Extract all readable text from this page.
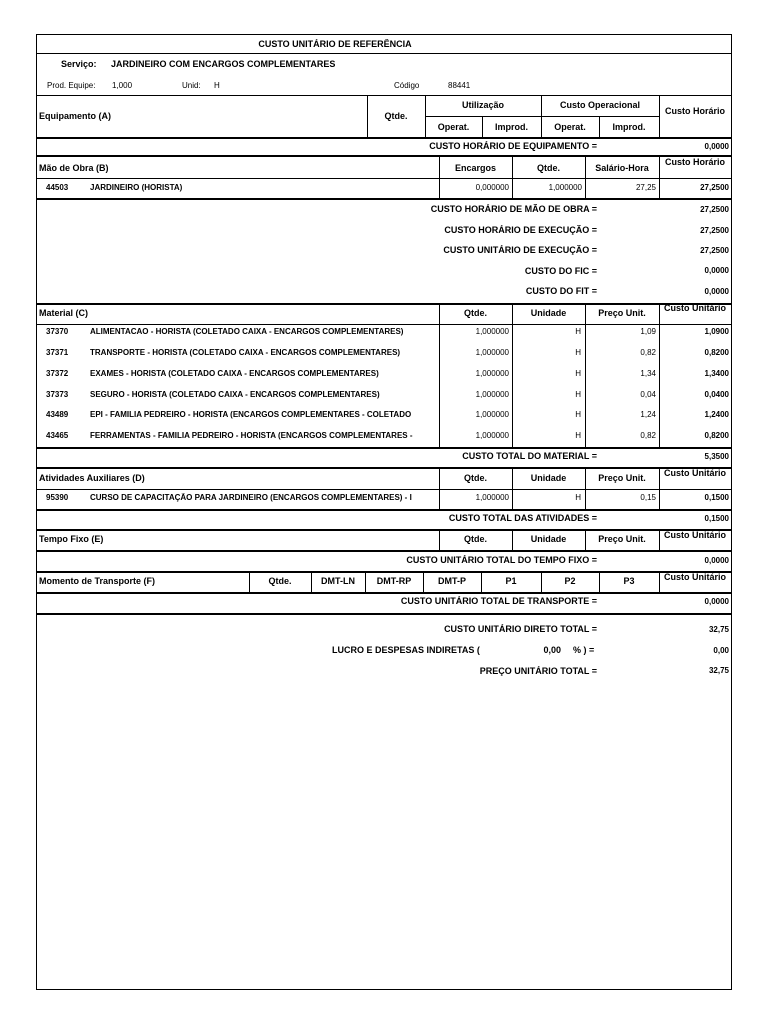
CUSTO UNITÁRIO DE REFERÊNCIA
Serviço: JARDINEIRO COM ENCARGOS COMPLEMENTARES
Prod. Equipe: 1,000	Unid: H	Código	88441
Equipamento (A)	Qtde.
Utilização	Custo Operacional
Operat.	Improd.	Operat.	Improd.
Custo Horário
CUSTO HORÁRIO DE EQUIPAMENTO =	0,0000
Mão de Obra (B)	Encargos	Qtde.	Salário-Hora
Custo Horário
44503	JARDINEIRO (HORISTA)	0,000000	1,000000	27,25	27,2500
CUSTO HORÁRIO DE MÃO DE OBRA =	27,2500
CUSTO HORÁRIO DE EXECUÇÃO =	27,2500
CUSTO UNITÁRIO DE EXECUÇÃO =	27,2500
CUSTO DO FIC =	0,0000
CUSTO DO FIT =	0,0000
Material (C)	Qtde.	Unidade	Preço Unit.	Custo Unitário
37370	ALIMENTACAO - HORISTA (COLETADO CAIXA - ENCARGOS COMPLEMENTARES)	1,000000	H	1,09	1,0900
37371	TRANSPORTE - HORISTA (COLETADO CAIXA - ENCARGOS COMPLEMENTARES)	1,000000	H	0,82	0,8200
37372	EXAMES - HORISTA (COLETADO CAIXA - ENCARGOS COMPLEMENTARES)	1,000000	H	1,34	1,3400
37373	SEGURO - HORISTA (COLETADO CAIXA - ENCARGOS COMPLEMENTARES)	1,000000	H	0,04	0,0400
43489	EPI - FAMILIA PEDREIRO - HORISTA (ENCARGOS COMPLEMENTARES - COLETADO	1,000000	H	1,24	1,2400
43465	FERRAMENTAS - FAMILIA PEDREIRO - HORISTA (ENCARGOS COMPLEMENTARES -	1,000000	H	0,82	0,8200
CUSTO TOTAL DO MATERIAL =	5,3500
Atividades Auxiliares (D)	Qtde.	Unidade	Preço Unit.	Custo Unitário
95390	CURSO DE CAPACITAÇÃO PARA JARDINEIRO (ENCARGOS COMPLEMENTARES) - I	1,000000	H	0,15	0,1500
CUSTO TOTAL DAS ATIVIDADES =	0,1500
Tempo Fixo (E)	Qtde.	Unidade	Preço Unit.	Custo Unitário
CUSTO UNITÁRIO TOTAL DO TEMPO FIXO =	0,0000
Momento de Transporte (F)	Qtde.	DMT-LN	DMT-RP	DMT-P	P1	P2	P3	Custo Unitário
CUSTO UNITÁRIO TOTAL DE TRANSPORTE =	0,0000
CUSTO UNITÁRIO DIRETO TOTAL =	32,75
LUCRO E DESPESAS INDIRETAS (	0,00 % ) =	0,00
PREÇO UNITÁRIO TOTAL =	32,75
